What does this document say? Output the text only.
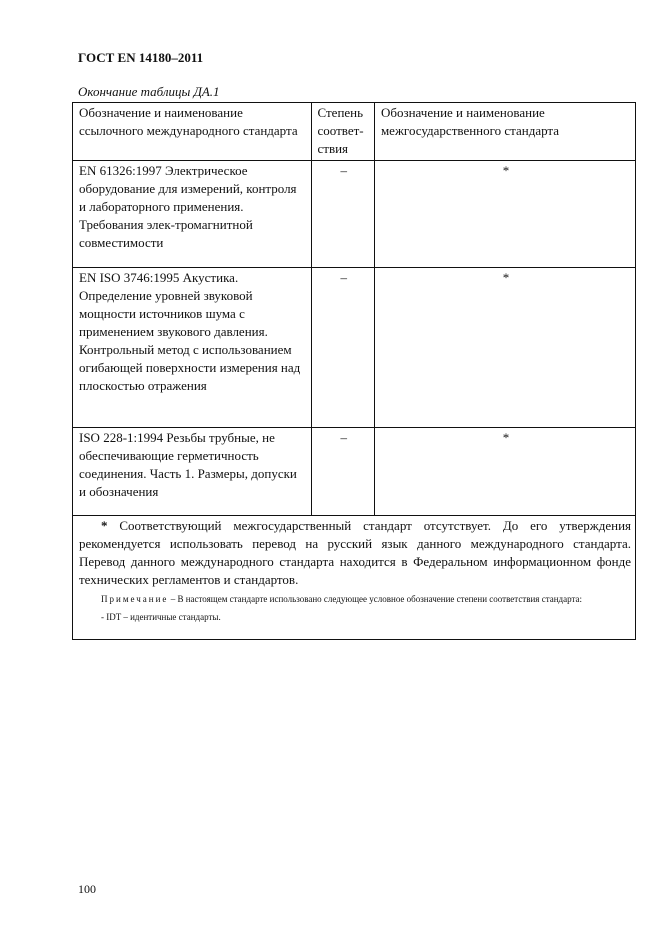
ГОСТ EN 14180–2011
Окончание таблицы ДА.1
Обозначение и наименование ссылочного международного стандарта	Степень соответ-ствия	Обозначение и наименование межгосударственного стандарта
EN 61326:1997 Электрическое оборудование для измерений, контроля и лабораторного применения. Требования элек-тромагнитной совместимости	–	*
EN ISO 3746:1995 Акустика. Определение уровней звуковой мощности источников шума с применением звукового давления. Контрольный метод с использованием огибающей поверхности измерения над плоскостью отражения	–	*
ISO 228-1:1994 Резьбы трубные, не обеспечивающие герметичность соединения. Часть 1. Размеры, допуски и обозначения	–	*

* Соответствующий межгосударственный стандарт отсутствует. До его утверждения рекомендуется использовать перевод на русский язык данного международного стандарта. Перевод данного международного стандарта находится в Федеральном информационном фонде технических регламентов и стандартов.
Примечание – В настоящем стандарте использовано следующее условное обозначение степени соответствия стандарта:
- IDT – идентичные стандарты.		
100
